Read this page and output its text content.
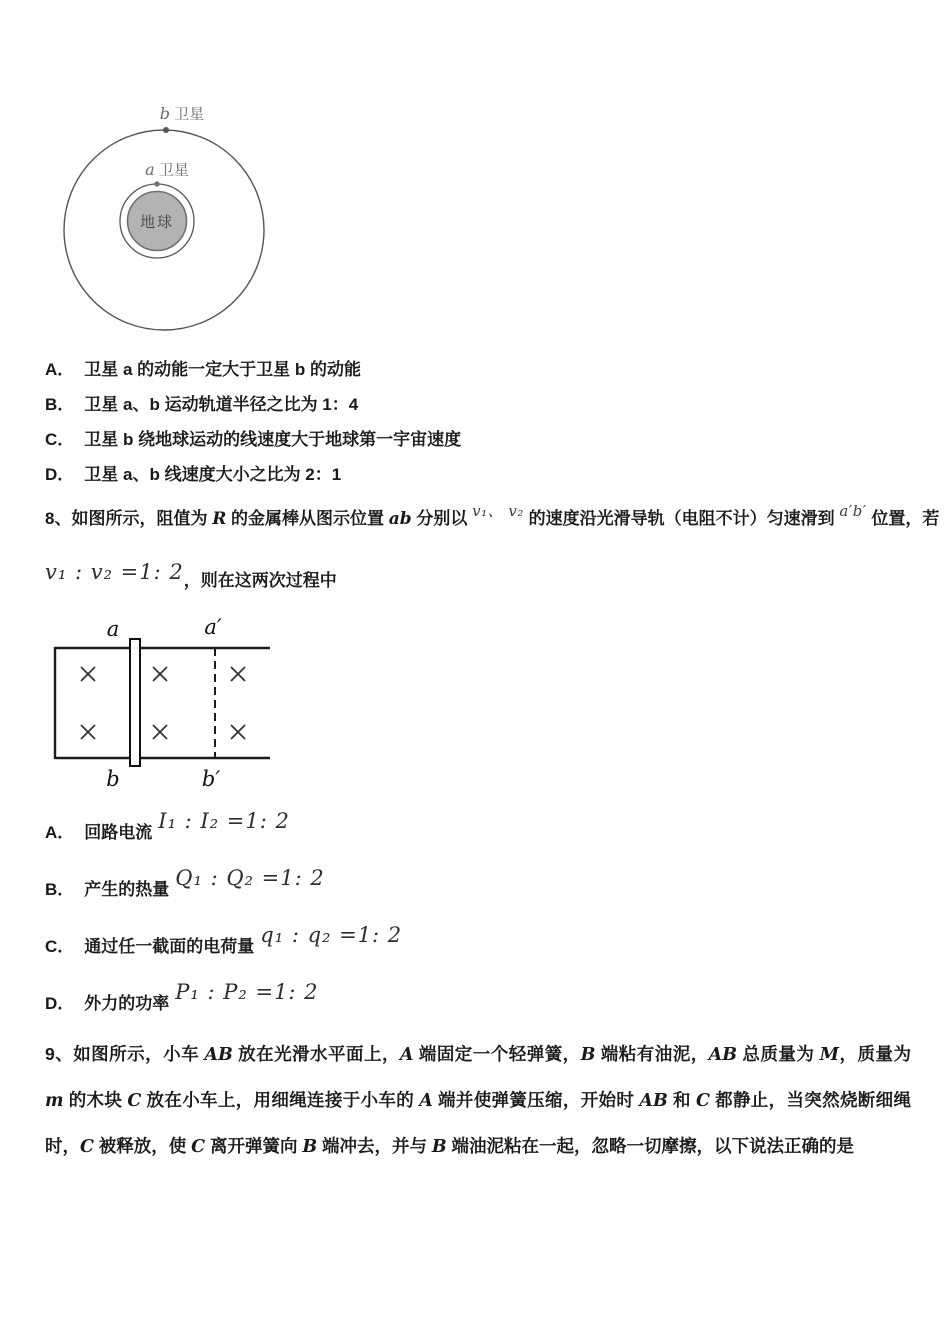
b 卫星
a 卫星
地球
A． 卫星 a 的动能一定大于卫星 b 的动能
B． 卫星 a、b 运动轨道半径之比为 1：4
C． 卫星 b 绕地球运动的线速度大于地球第一宇宙速度
D． 卫星 a、b 线速度大小之比为 2：1
8、如图所示，阻值为 R 的金属棒从图示位置 ab 分别以 v₁、 v₂ 的速度沿光滑导轨（电阻不计）匀速滑到 a′b′ 位置，若
v₁ : v₂ =1: 2，则在这两次过程中
a	a′
b	b′
A． 回路电流 I₁ : I₂ =1: 2
B． 产生的热量 Q₁ : Q₂ =1: 2
C． 通过任一截面的电荷量 q₁ : q₂ =1: 2
D． 外力的功率 P₁ : P₂ =1: 2
9、如图所示，小车 AB 放在光滑水平面上，A 端固定一个轻弹簧，B 端粘有油泥，AB 总质量为 M，质量为 m 的木块 C 放在小车上，用细绳连接于小车的 A 端并使弹簧压缩，开始时 AB 和 C 都静止，当突然烧断细绳时，C 被释放，使 C 离开弹簧向 B 端冲去，并与 B 端油泥粘在一起，忽略一切摩擦，以下说法正确的是
